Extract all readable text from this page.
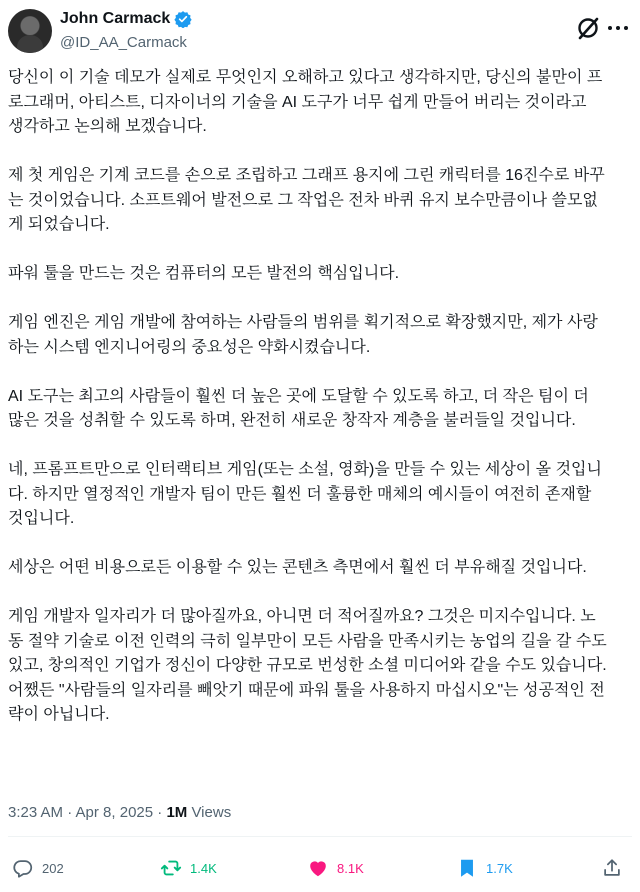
John Carmack
@ID_AA_Carmack
당신이 이 기술 데모가 실제로 무엇인지 오해하고 있다고 생각하지만, 당신의 불만이 프
로그래머, 아티스트, 디자이너의 기술을 AI 도구가 너무 쉽게 만들어 버리는 것이라고
생각하고 논의해 보겠습니다.
제 첫 게임은 기계 코드를 손으로 조립하고 그래프 용지에 그린 캐릭터를 16진수로 바꾸
는 것이었습니다. 소프트웨어 발전으로 그 작업은 전차 바퀴 유지 보수만큼이나 쓸모없
게 되었습니다.
파워 툴을 만드는 것은 컴퓨터의 모든 발전의 핵심입니다.
게임 엔진은 게임 개발에 참여하는 사람들의 범위를 획기적으로 확장했지만, 제가 사랑
하는 시스템 엔지니어링의 중요성은 약화시켰습니다.
AI 도구는 최고의 사람들이 훨씬 더 높은 곳에 도달할 수 있도록 하고, 더 작은 팀이 더
많은 것을 성취할 수 있도록 하며, 완전히 새로운 창작자 계층을 불러들일 것입니다.
네, 프롬프트만으로 인터랙티브 게임(또는 소설, 영화)을 만들 수 있는 세상이 올 것입니
다. 하지만 열정적인 개발자 팀이 만든 훨씬 더 훌륭한 매체의 예시들이 여전히 존재할
것입니다.
세상은 어떤 비용으로든 이용할 수 있는 콘텐츠 측면에서 훨씬 더 부유해질 것입니다.
게임 개발자 일자리가 더 많아질까요, 아니면 더 적어질까요? 그것은 미지수입니다. 노
동 절약 기술로 이전 인력의 극히 일부만이 모든 사람을 만족시키는 농업의 길을 갈 수도
있고, 창의적인 기업가 정신이 다양한 규모로 번성한 소셜 미디어와 같을 수도 있습니다.
어쨌든 "사람들의 일자리를 빼앗기 때문에 파워 툴을 사용하지 마십시오"는 성공적인 전
략이 아닙니다.
3:23 AM · Apr 8, 2025 · 1M Views
202	1.4K	8.1K	1.7K
